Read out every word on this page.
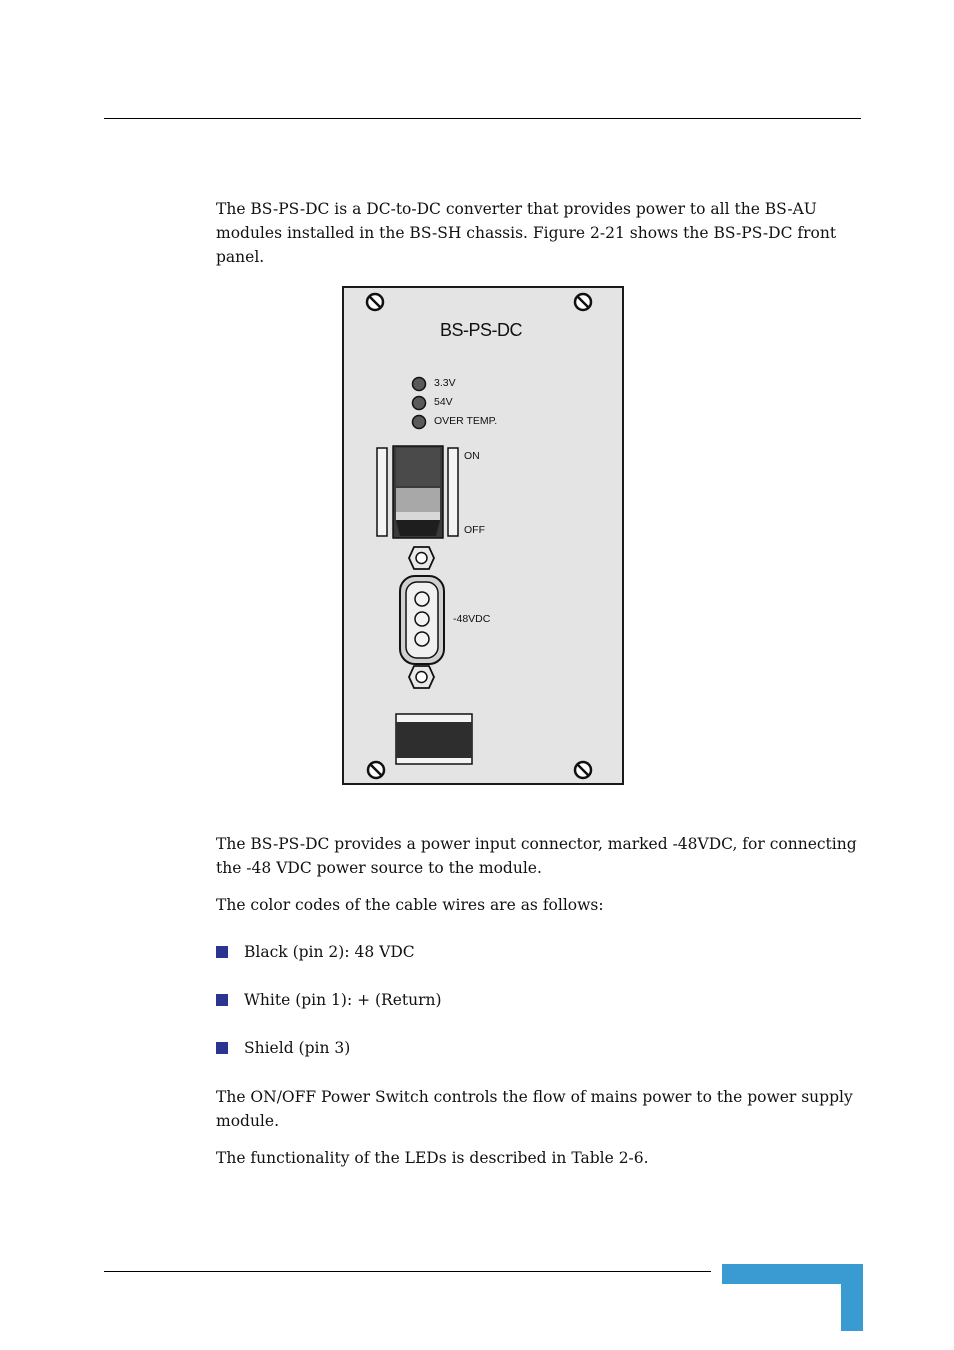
The BS-PS-DC is a DC-to-DC converter that provides power to all the BS-AU modules installed in the BS-SH chassis. Figure 2-21 shows the BS-PS-DC front panel.

BS-PS-DC
3.3V
54V
OVER TEMP.
ON
OFF
-48VDC

The BS-PS-DC provides a power input connector, marked -48VDC, for connecting the -48 VDC power source to the module.

The color codes of the cable wires are as follows:

Black (pin 2): 48 VDC
White (pin 1): + (Return)
Shield (pin 3)

The ON/OFF Power Switch controls the flow of mains power to the power supply module.

The functionality of the LEDs is described in Table 2-6.
